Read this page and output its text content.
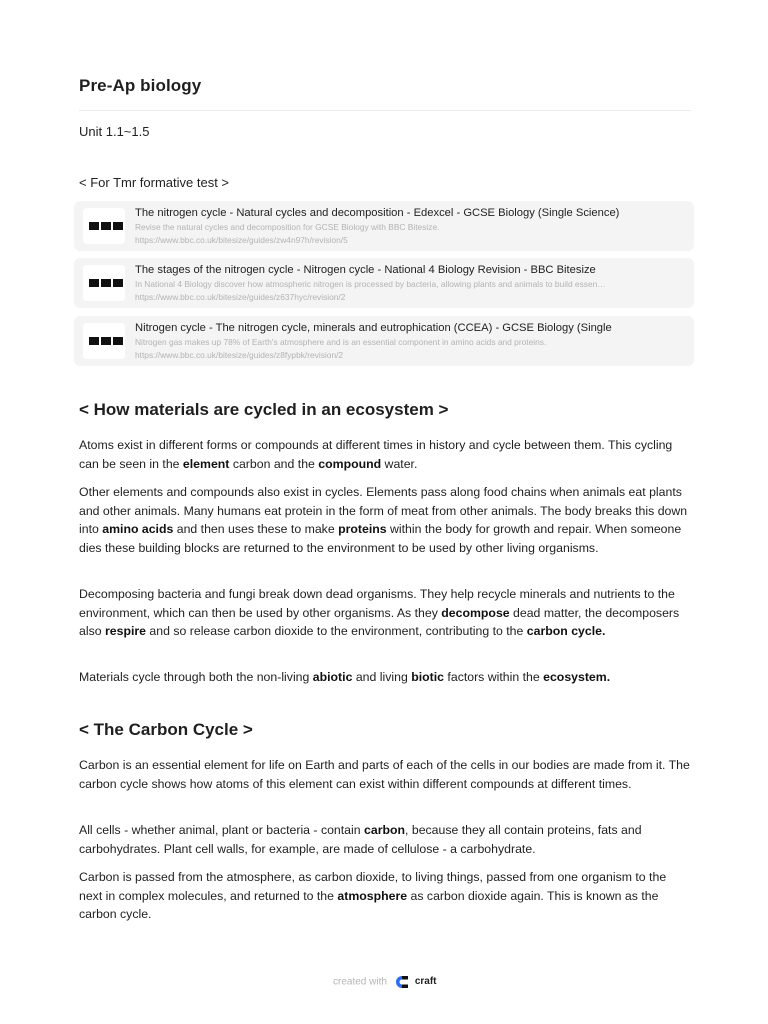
Pre-Ap biology
Unit 1.1~1.5
< For Tmr formative test >
The nitrogen cycle - Natural cycles and decomposition - Edexcel - GCSE Biology (Single Science)
Revise the natural cycles and decomposition for GCSE Biology with BBC Bitesize.
https://www.bbc.co.uk/bitesize/guides/zw4n97h/revision/5
The stages of the nitrogen cycle - Nitrogen cycle - National 4 Biology Revision - BBC Bitesize
In National 4 Biology discover how atmospheric nitrogen is processed by bacteria, allowing plants and animals to build essen…
https://www.bbc.co.uk/bitesize/guides/z637hyc/revision/2
Nitrogen cycle - The nitrogen cycle, minerals and eutrophication (CCEA) - GCSE Biology (Single
Nitrogen gas makes up 78% of Earth's atmosphere and is an essential component in amino acids and proteins.
https://www.bbc.co.uk/bitesize/guides/z8fypbk/revision/2
< How materials are cycled in an ecosystem >

Atoms exist in different forms or compounds at different times in history and cycle between them. This cycling can be seen in the element carbon and the compound water.

Other elements and compounds also exist in cycles. Elements pass along food chains when animals eat plants and other animals. Many humans eat protein in the form of meat from other animals. The body breaks this down into amino acids and then uses these to make proteins within the body for growth and repair. When someone dies these building blocks are returned to the environment to be used by other living organisms.

Decomposing bacteria and fungi break down dead organisms. They help recycle minerals and nutrients to the environment, which can then be used by other organisms. As they decompose dead matter, the decomposers also respire and so release carbon dioxide to the environment, contributing to the carbon cycle.

Materials cycle through both the non-living abiotic and living biotic factors within the ecosystem.

< The Carbon Cycle >

Carbon is an essential element for life on Earth and parts of each of the cells in our bodies are made from it. The carbon cycle shows how atoms of this element can exist within different compounds at different times.

All cells - whether animal, plant or bacteria - contain carbon, because they all contain proteins, fats and carbohydrates. Plant cell walls, for example, are made of cellulose - a carbohydrate.

Carbon is passed from the atmosphere, as carbon dioxide, to living things, passed from one organism to the next in complex molecules, and returned to the atmosphere as carbon dioxide again. This is known as the carbon cycle.

created with	craft
